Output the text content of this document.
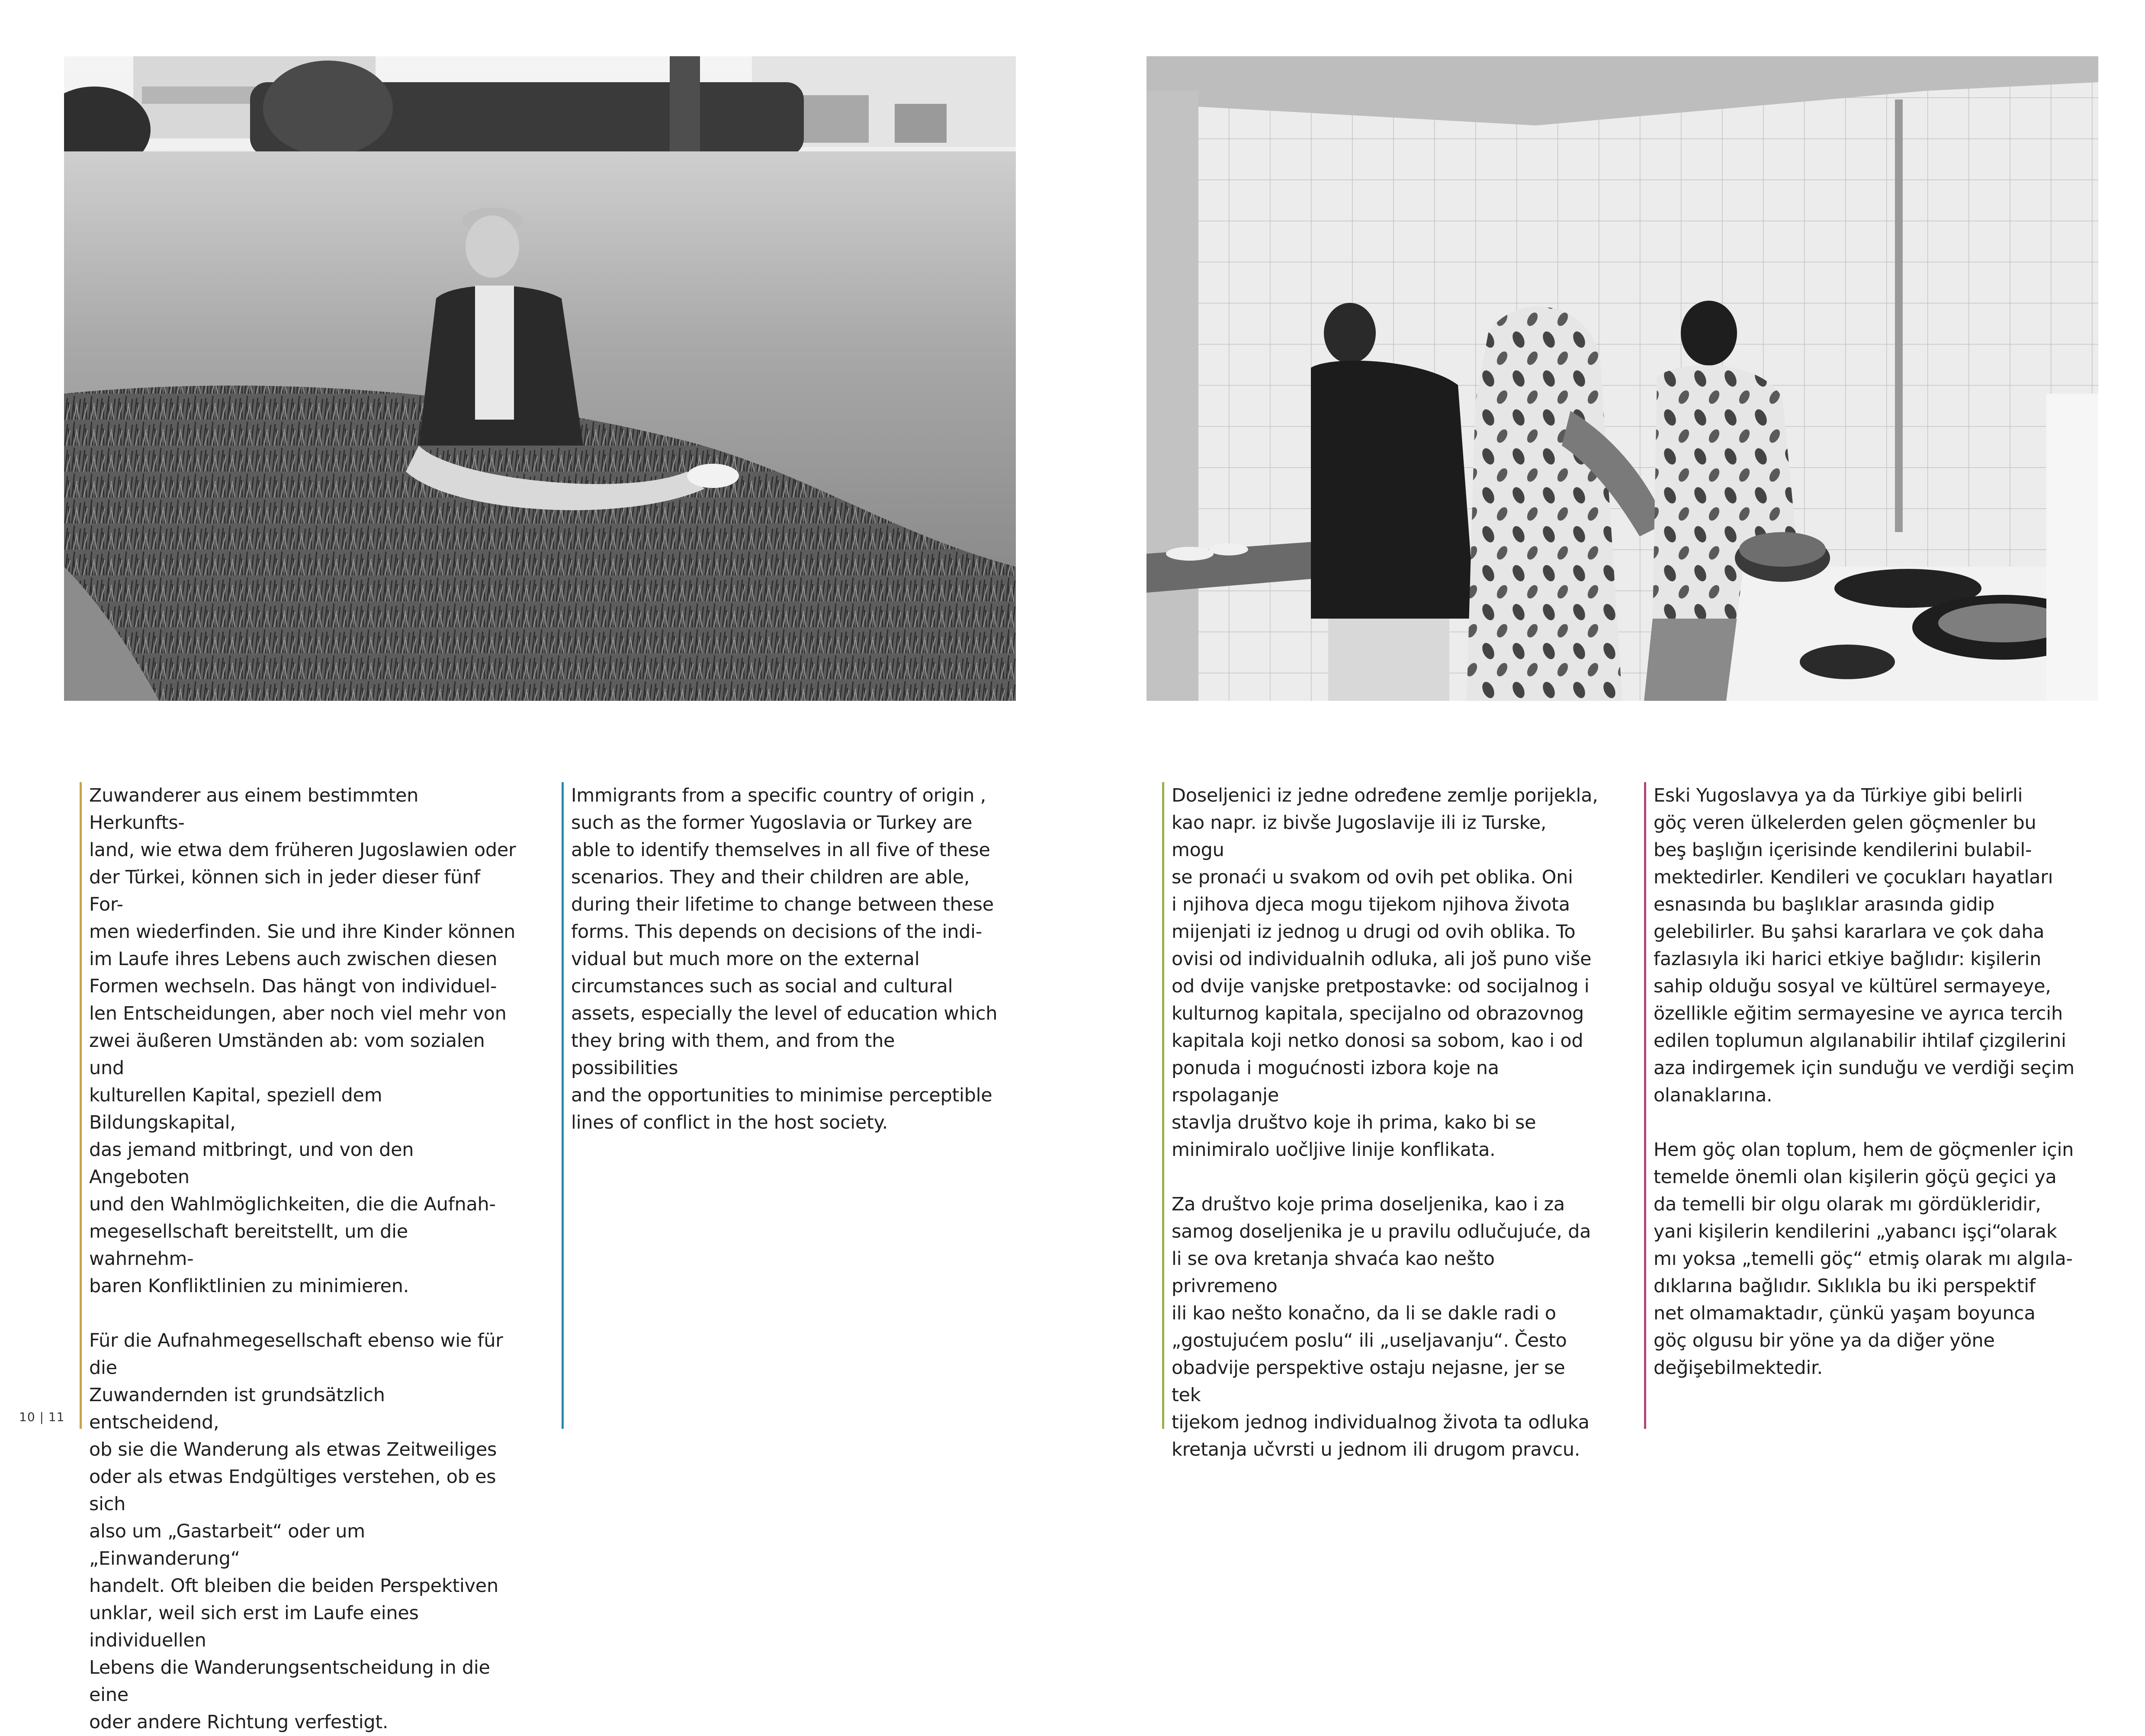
Zuwanderer aus einem bestimmten Herkunfts-
land, wie etwa dem früheren Jugoslawien oder
der Türkei, können sich in jeder dieser fünf For-
men wiederfinden. Sie und ihre Kinder können
im Laufe ihres Lebens auch zwischen diesen
Formen wechseln. Das hängt von individuel-
len Entscheidungen, aber noch viel mehr von
zwei äußeren Umständen ab: vom sozialen und
kulturellen Kapital, speziell dem Bildungskapital,
das jemand mitbringt, und von den Angeboten
und den Wahlmöglichkeiten, die die Aufnah-
megesellschaft bereitstellt, um die wahrnehm-
baren Konfliktlinien zu minimieren.

Für die Aufnahmegesellschaft ebenso wie für die
Zuwandernden ist grundsätzlich entscheidend,
ob sie die Wanderung als etwas Zeitweiliges
oder als etwas Endgültiges verstehen, ob es sich
also um „Gastarbeit“ oder um „Einwanderung“
handelt. Oft bleiben die beiden Perspektiven
unklar, weil sich erst im Laufe eines individuellen
Lebens die Wanderungsentscheidung in die eine
oder andere Richtung verfestigt.

Immigrants from a specific country of origin ,
such as the former Yugoslavia or Turkey are
able to identify themselves in all five of these
scenarios. They and their children are able,
during their lifetime to change between these
forms. This depends on decisions of the indi-
vidual but much more on the external
circumstances such as social and cultural
assets, especially the level of education which
they bring with them, and from the possibilities
and the opportunities to minimise perceptible
lines of conflict in the host society.

Doseljenici iz jedne određene zemlje porijekla,
kao napr. iz bivše Jugoslavije ili iz Turske, mogu
se pronaći u svakom od ovih pet oblika. Oni
i njihova djeca mogu tijekom njihova života
mijenjati iz jednog u drugi od ovih oblika. To
ovisi od individualnih odluka, ali još puno više
od dvije vanjske pretpostavke: od socijalnog i
kulturnog kapitala, specijalno od obrazovnog
kapitala koji netko donosi sa sobom, kao i od
ponuda i mogućnosti izbora koje na rspolaganje
stavlja društvo koje ih prima, kako bi se
minimiralo uočljive linije konflikata.

Za društvo koje prima doseljenika, kao i za
samog doseljenika je u pravilu odlučujuće, da
li se ova kretanja shvaća kao nešto privremeno
ili kao nešto konačno, da li se dakle radi o
„gostujućem poslu“ ili „useljavanju“. Često
obadvije perspektive ostaju nejasne, jer se tek
tijekom jednog individualnog života ta odluka
kretanja učvrsti u jednom ili drugom pravcu.

Eski Yugoslavya ya da Türkiye gibi belirli
göç veren ülkelerden gelen göçmenler bu
beş başlığın içerisinde kendilerini bulabil-
mektedirler. Kendileri ve çocukları hayatları
esnasında bu başlıklar arasında gidip
gelebilirler. Bu şahsi kararlara ve çok daha
fazlasıyla iki harici etkiye bağlıdır: kişilerin
sahip olduğu sosyal ve kültürel sermayeye,
özellikle eğitim sermayesine ve ayrıca tercih
edilen toplumun algılanabilir ihtilaf çizgilerini
aza indirgemek için sunduğu ve verdiği seçim
olanaklarına.

Hem göç olan toplum, hem de göçmenler için
temelde önemli olan kişilerin göçü geçici ya
da temelli bir olgu olarak mı gördükleridir,
yani kişilerin kendilerini „yabancı işçi“olarak
mı yoksa „temelli göç“ etmiş olarak mı algıla-
dıklarına bağlıdır. Sıklıkla bu iki perspektif
net olmamaktadır, çünkü yaşam boyunca
göç olgusu bir yöne ya da diğer yöne
değişebilmektedir.

10 | 11
